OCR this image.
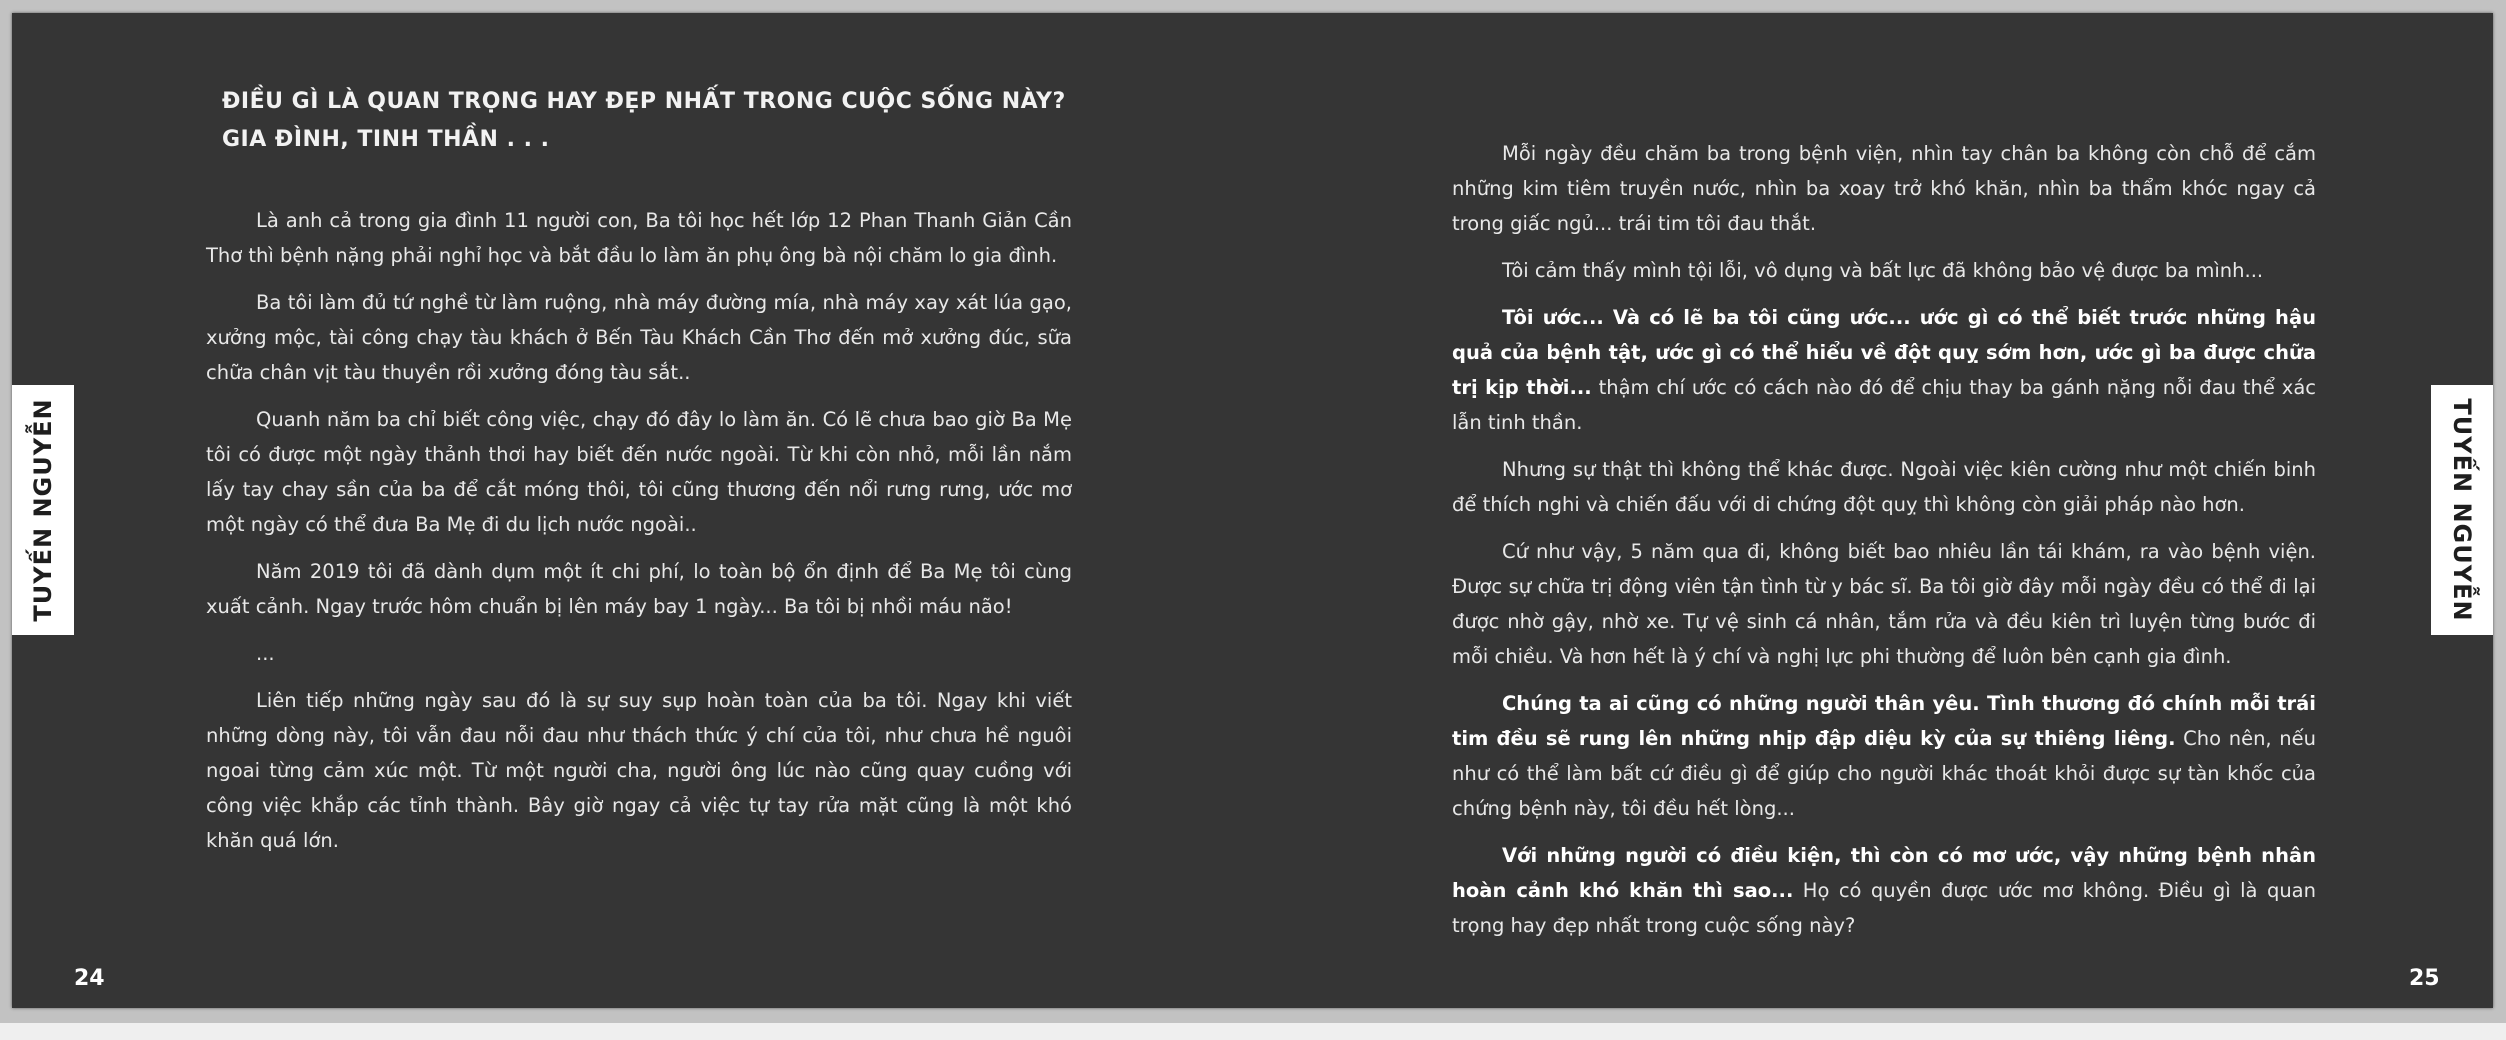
TUYẾN NGUYỄN
ĐIỀU GÌ LÀ QUAN TRỌNG HAY ĐẸP NHẤT TRONG CUỘC SỐNG NÀY?
GIA ĐÌNH, TINH THẦN . . .

Là anh cả trong gia đình 11 người con, Ba tôi học hết lớp 12 Phan Thanh Giản Cần Thơ thì bệnh nặng phải nghỉ học và bắt đầu lo làm ăn phụ ông bà nội chăm lo gia đình.

Ba tôi làm đủ tứ nghề từ làm ruộng, nhà máy đường mía, nhà máy xay xát lúa gạo, xưởng mộc, tài công chạy tàu khách ở Bến Tàu Khách Cần Thơ đến mở xưởng đúc, sữa chữa chân vịt tàu thuyền rồi xưởng đóng tàu sắt..

Quanh năm ba chỉ biết công việc, chạy đó đây lo làm ăn. Có lẽ chưa bao giờ Ba Mẹ tôi có được một ngày thảnh thơi hay biết đến nước ngoài. Từ khi còn nhỏ, mỗi lần nắm lấy tay chay sần của ba để cắt móng thôi, tôi cũng thương đến nổi rưng rưng, ước mơ một ngày có thể đưa Ba Mẹ đi du lịch nước ngoài..

Năm 2019 tôi đã dành dụm một ít chi phí, lo toàn bộ ổn định để Ba Mẹ tôi cùng xuất cảnh. Ngay trước hôm chuẩn bị lên máy bay 1 ngày... Ba tôi bị nhồi máu não!

...

Liên tiếp những ngày sau đó là sự suy sụp hoàn toàn của ba tôi. Ngay khi viết những dòng này, tôi vẫn đau nỗi đau như thách thức ý chí của tôi, như chưa hề nguôi ngoai từng cảm xúc một. Từ một người cha, người ông lúc nào cũng quay cuồng với công việc khắp các tỉnh thành. Bây giờ ngay cả việc tự tay rửa mặt cũng là một khó khăn quá lớn.

24
TUYẾN NGUYỄN

Mỗi ngày đều chăm ba trong bệnh viện, nhìn tay chân ba không còn chỗ để cắm những kim tiêm truyền nước, nhìn ba xoay trở khó khăn, nhìn ba thẩm khóc ngay cả trong giấc ngủ... trái tim tôi đau thắt.

Tôi cảm thấy mình tội lỗi, vô dụng và bất lực đã không bảo vệ được ba mình...

Tôi ước... Và có lẽ ba tôi cũng ước... ước gì có thể biết trước những hậu quả của bệnh tật, ước gì có thể hiểu về đột quỵ sớm hơn, ước gì ba được chữa trị kịp thời... thậm chí ước có cách nào đó để chịu thay ba gánh nặng nỗi đau thể xác lẫn tinh thần.

Nhưng sự thật thì không thể khác được. Ngoài việc kiên cường như một chiến binh để thích nghi và chiến đấu với di chứng đột quỵ thì không còn giải pháp nào hơn.

Cứ như vậy, 5 năm qua đi, không biết bao nhiêu lần tái khám, ra vào bệnh viện. Được sự chữa trị động viên tận tình từ y bác sĩ. Ba tôi giờ đây mỗi ngày đều có thể đi lại được nhờ gậy, nhờ xe. Tự vệ sinh cá nhân, tắm rửa và đều kiên trì luyện từng bước đi mỗi chiều. Và hơn hết là ý chí và nghị lực phi thường để luôn bên cạnh gia đình.

Chúng ta ai cũng có những người thân yêu. Tình thương đó chính mỗi trái tim đều sẽ rung lên những nhịp đập diệu kỳ của sự thiêng liêng. Cho nên, nếu như có thể làm bất cứ điều gì để giúp cho người khác thoát khỏi được sự tàn khốc của chứng bệnh này, tôi đều hết lòng...

Với những người có điều kiện, thì còn có mơ ước, vậy những bệnh nhân hoàn cảnh khó khăn thì sao... Họ có quyền được ước mơ không. Điều gì là quan trọng hay đẹp nhất trong cuộc sống này?

25
